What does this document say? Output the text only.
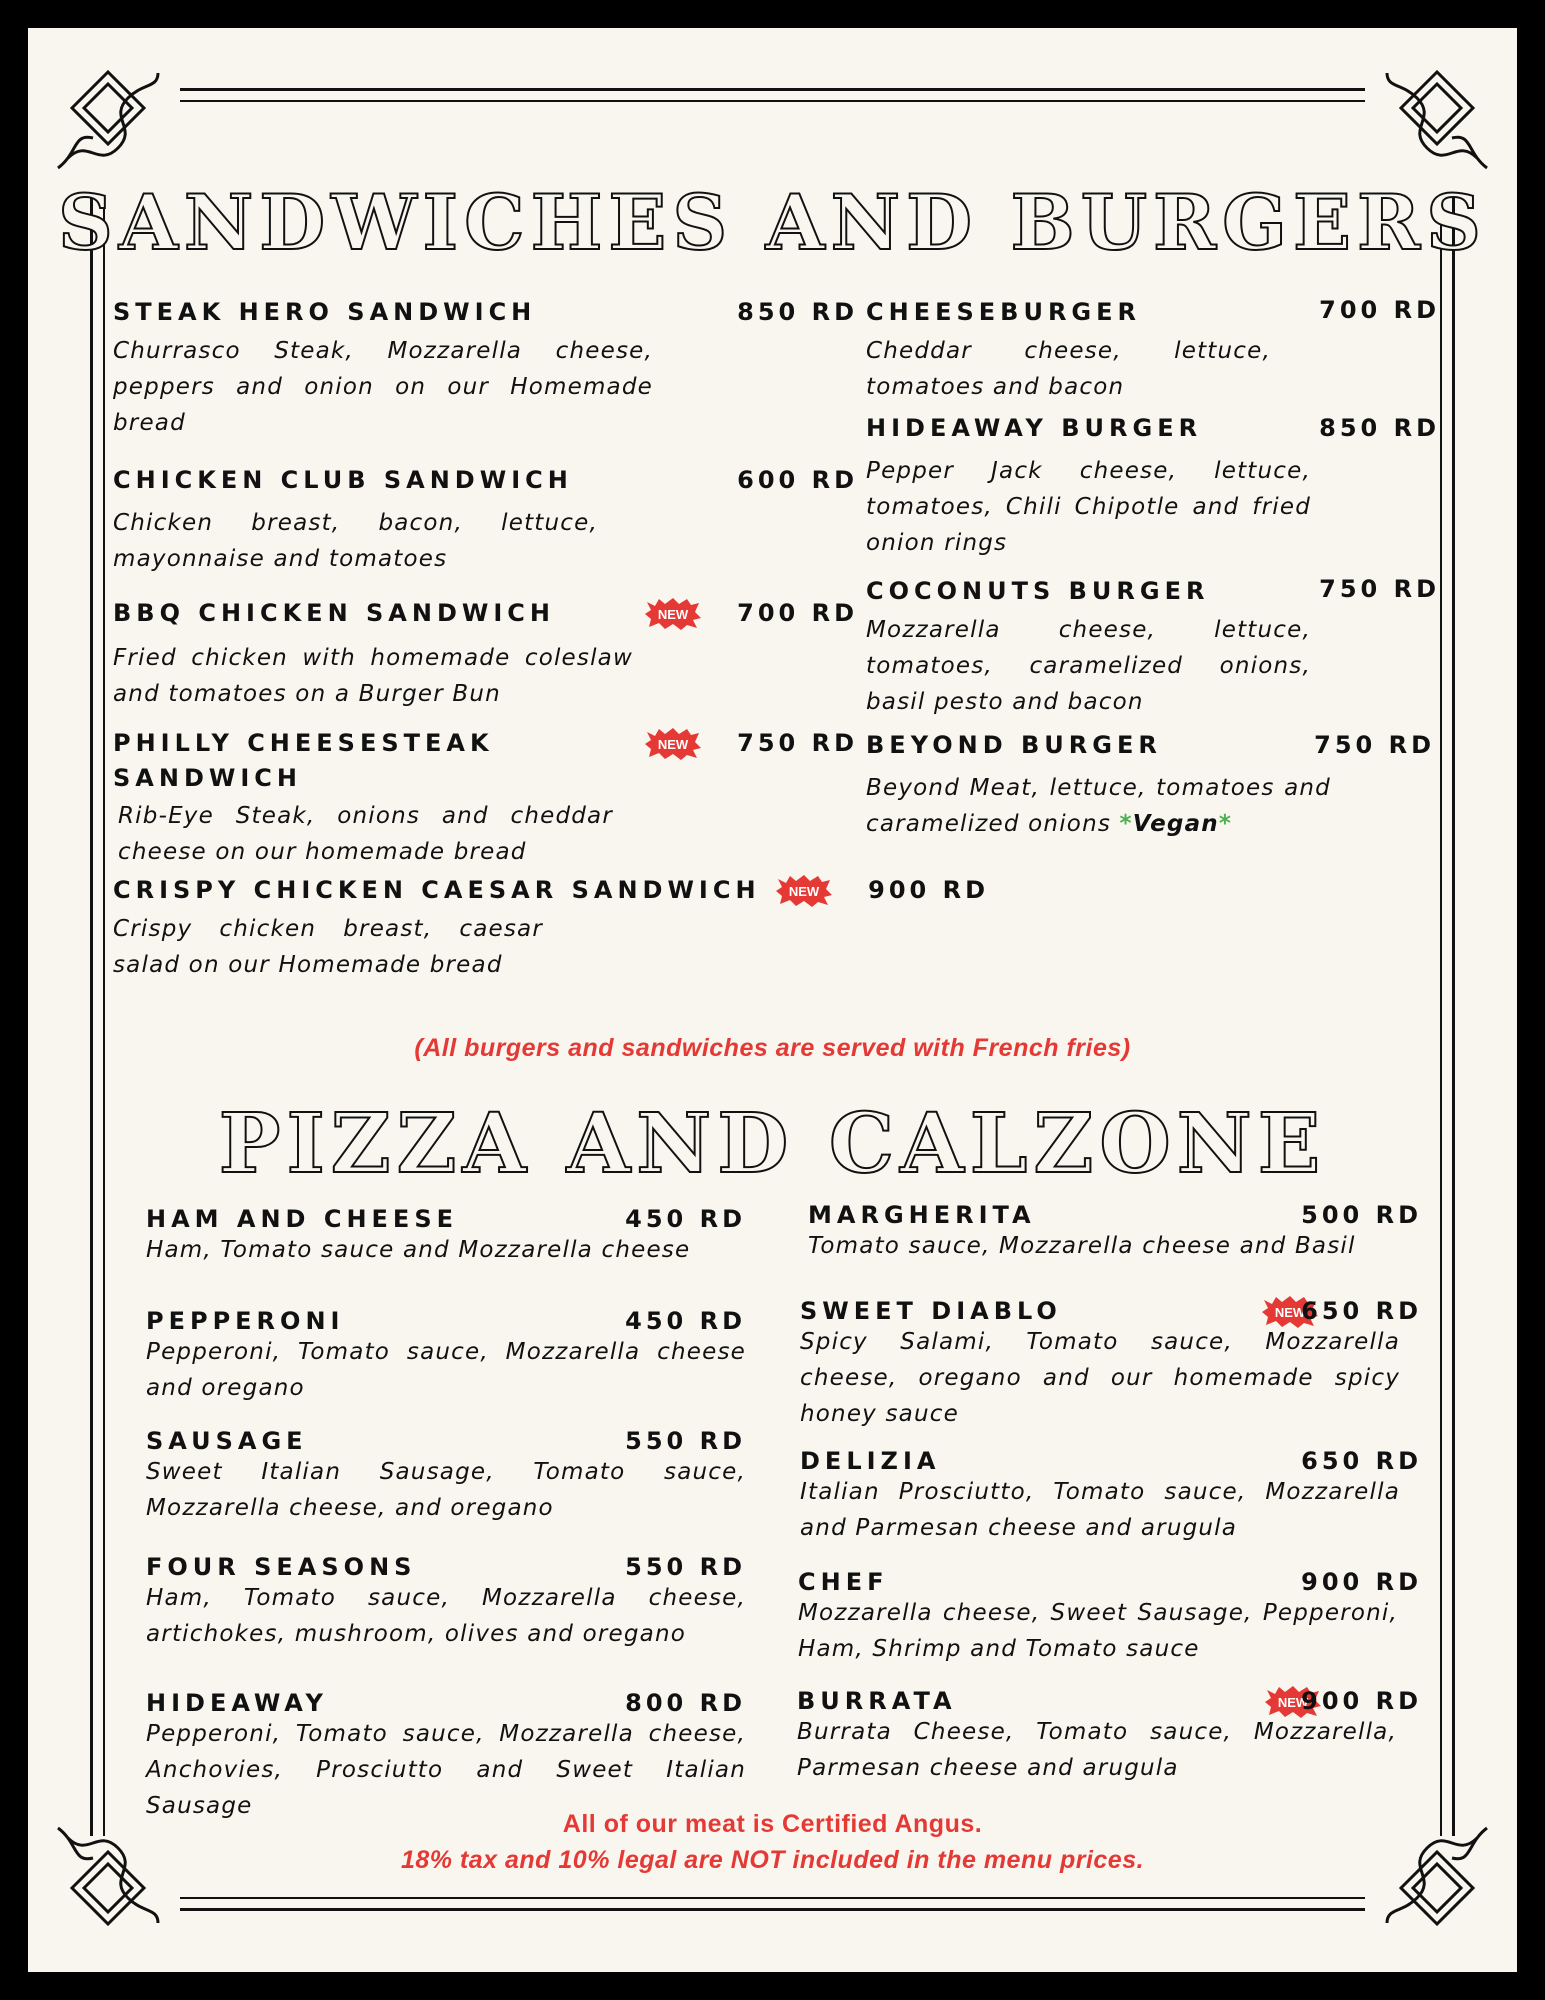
SANDWICHES AND BURGERS
STEAK HERO SANDWICH	850 RD
Churrasco Steak, Mozzarella cheese, peppers and onion on our Homemade bread
CHICKEN CLUB SANDWICH	600 RD
Chicken breast, bacon, lettuce, mayonnaise and tomatoes
BBQ CHICKEN SANDWICH	NEW 700 RD
Fried chicken with homemade coleslaw and tomatoes on a Burger Bun
PHILLY CHEESESTEAK
SANDWICH
NEW 750 RD
Rib-Eye Steak, onions and cheddar cheese on our homemade bread
CRISPY CHICKEN CAESAR SANDWICH NEW 900 RD
Crispy chicken breast, caesar salad on our Homemade bread
CHEESEBURGER	700 RD
Cheddar cheese, lettuce, tomatoes and bacon
HIDEAWAY BURGER	850 RD
Pepper Jack cheese, lettuce, tomatoes, Chili Chipotle and fried onion rings
COCONUTS BURGER	750 RD
Mozzarella cheese, lettuce, tomatoes, caramelized onions, basil pesto and bacon
BEYOND BURGER	750 RD
Beyond Meat, lettuce, tomatoes and caramelized onions *Vegan*

(All burgers and sandwiches are served with French fries)

PIZZA AND CALZONE
HAM AND CHEESE	450 RD
Ham, Tomato sauce and Mozzarella cheese
PEPPERONI	450 RD
Pepperoni, Tomato sauce, Mozzarella cheese and oregano
SAUSAGE	550 RD
Sweet Italian Sausage, Tomato sauce, Mozzarella cheese, and oregano
FOUR SEASONS	550 RD
Ham, Tomato sauce, Mozzarella cheese, artichokes, mushroom, olives and oregano
HIDEAWAY	800 RD
Pepperoni, Tomato sauce, Mozzarella cheese, Anchovies, Prosciutto and Sweet Italian Sausage
MARGHERITA	500 RD
Tomato sauce, Mozzarella cheese and Basil
SWEET DIABLO	NEW
650 RD
Spicy Salami, Tomato sauce, Mozzarella cheese, oregano and our homemade spicy honey sauce
DELIZIA	650 RD
Italian Prosciutto, Tomato sauce, Mozzarella and Parmesan cheese and arugula
CHEF	900 RD
Mozzarella cheese, Sweet Sausage, Pepperoni, Ham, Shrimp and Tomato sauce
BURRATA	NEW
900 RD
Burrata Cheese, Tomato sauce, Mozzarella, Parmesan cheese and arugula

All of our meat is Certified Angus.

18% tax and 10% legal are NOT included in the menu prices.
